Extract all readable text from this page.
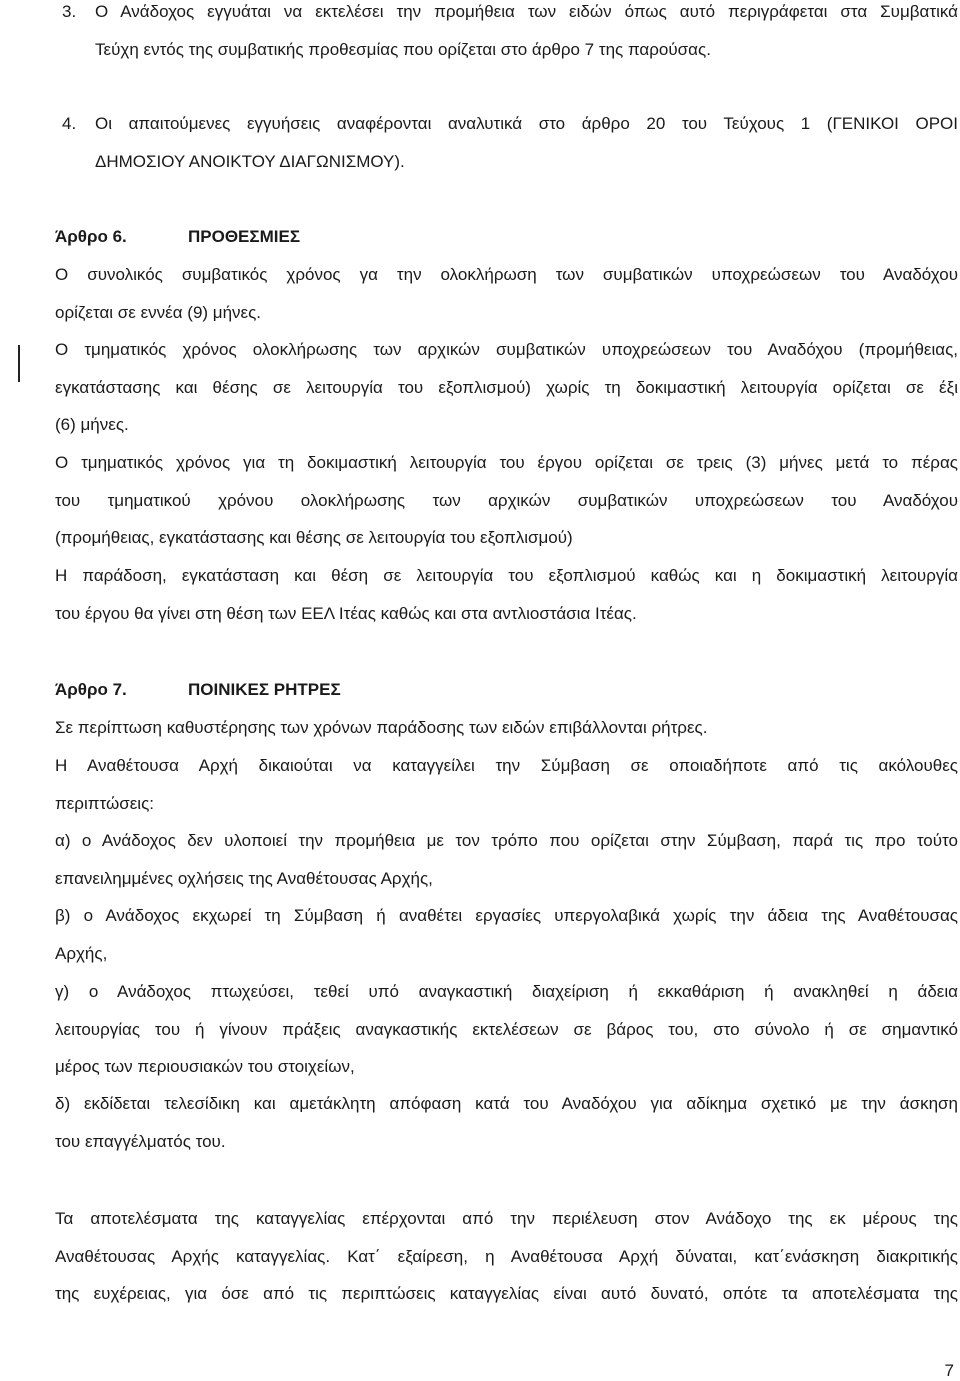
3. Ο Ανάδοχος εγγυάται να εκτελέσει την προμήθεια των ειδών όπως αυτό περιγράφεται στα Συμβατικά
Τεύχη εντός της συμβατικής προθεσμίας που ορίζεται στο άρθρο 7 της παρούσας.

4. Οι απαιτούμενες εγγυήσεις αναφέρονται αναλυτικά στο άρθρο 20 του Τεύχους 1 (ΓΕΝΙΚΟΙ ΟΡΟΙ
ΔΗΜΟΣΙΟΥ ΑΝΟΙΚΤΟΥ ΔΙΑΓΩΝΙΣΜΟΥ).

Άρθρο 6.	ΠΡΟΘΕΣΜΙΕΣ

Ο συνολικός συμβατικός χρόνος γα την ολοκλήρωση των συμβατικών υποχρεώσεων του Αναδόχου
ορίζεται σε εννέα (9) μήνες.

Ο τμηματικός χρόνος ολοκλήρωσης των αρχικών συμβατικών υποχρεώσεων του Αναδόχου (προμήθειας,
εγκατάστασης και θέσης σε λειτουργία του εξοπλισμού) χωρίς τη δοκιμαστική λειτουργία ορίζεται σε έξι
(6) μήνες.

Ο τμηματικός χρόνος για τη δοκιμαστική λειτουργία του έργου ορίζεται σε τρεις (3) μήνες μετά το πέρας
του τμηματικού χρόνου ολοκλήρωσης των αρχικών συμβατικών υποχρεώσεων του Αναδόχου
(προμήθειας, εγκατάστασης και θέσης σε λειτουργία του εξοπλισμού)

Η παράδοση, εγκατάσταση και θέση σε λειτουργία του εξοπλισμού καθώς και η δοκιμαστική λειτουργία
του έργου θα γίνει στη θέση των ΕΕΛ Ιτέας καθώς και στα αντλιοστάσια Ιτέας.

Άρθρο 7.	ΠΟΙΝΙΚΕΣ ΡΗΤΡΕΣ

Σε περίπτωση καθυστέρησης των χρόνων παράδοσης των ειδών επιβάλλονται ρήτρες.

Η Αναθέτουσα Αρχή δικαιούται να καταγγείλει την Σύμβαση σε οποιαδήποτε από τις ακόλουθες
περιπτώσεις:

α) ο Ανάδοχος δεν υλοποιεί την προμήθεια με τον τρόπο που ορίζεται στην Σύμβαση, παρά τις προ τούτο
επανειλημμένες οχλήσεις της Αναθέτουσας Αρχής,

β) ο Ανάδοχος εκχωρεί τη Σύμβαση ή αναθέτει εργασίες υπεργολαβικά χωρίς την άδεια της Αναθέτουσας
Αρχής,

γ) ο Ανάδοχος πτωχεύσει, τεθεί υπό αναγκαστική διαχείριση ή εκκαθάριση ή ανακληθεί η άδεια
λειτουργίας του ή γίνουν πράξεις αναγκαστικής εκτελέσεων σε βάρος του, στο σύνολο ή σε σημαντικό
μέρος των περιουσιακών του στοιχείων,

δ) εκδίδεται τελεσίδικη και αμετάκλητη απόφαση κατά του Αναδόχου για αδίκημα σχετικό με την άσκηση
του επαγγέλματός του.

Τα αποτελέσματα της καταγγελίας επέρχονται από την περιέλευση στον Ανάδοχο της εκ μέρους της
Αναθέτουσας Αρχής καταγγελίας. Κατ΄ εξαίρεση, η Αναθέτουσα Αρχή δύναται, κατ΄ενάσκηση διακριτικής
της ευχέρειας, για όσε από τις περιπτώσεις καταγγελίας είναι αυτό δυνατό, οπότε τα αποτελέσματα της

7
